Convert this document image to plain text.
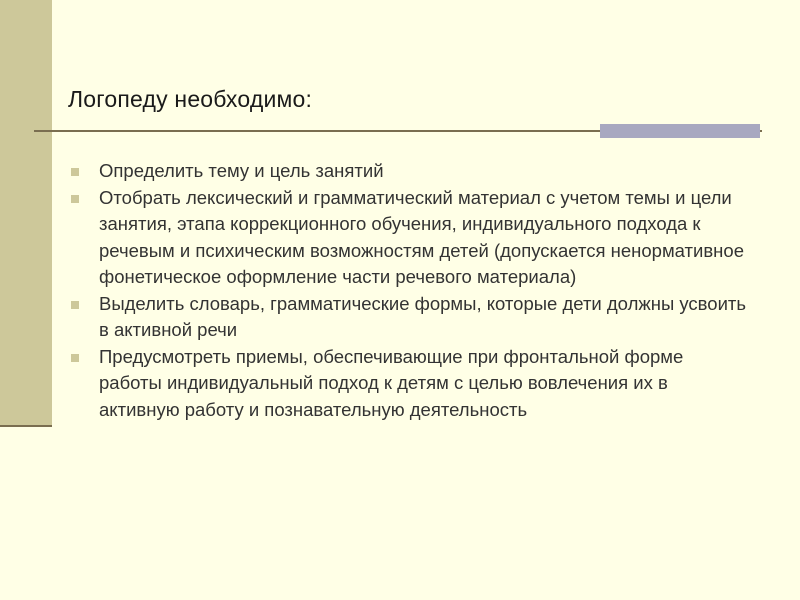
Логопеду необходимо:
Определить тему и цель занятий
Отобрать лексический и грамматический материал с учетом темы и цели занятия, этапа коррекционного обучения, индивидуального подхода к речевым и психическим возможностям детей (допускается ненормативное фонетическое оформление части речевого материала)
Выделить словарь, грамматические формы, которые дети должны усвоить в активной речи
Предусмотреть приемы, обеспечивающие при фронтальной форме работы индивидуальный подход к детям с целью вовлечения их в активную работу и познавательную деятельность
